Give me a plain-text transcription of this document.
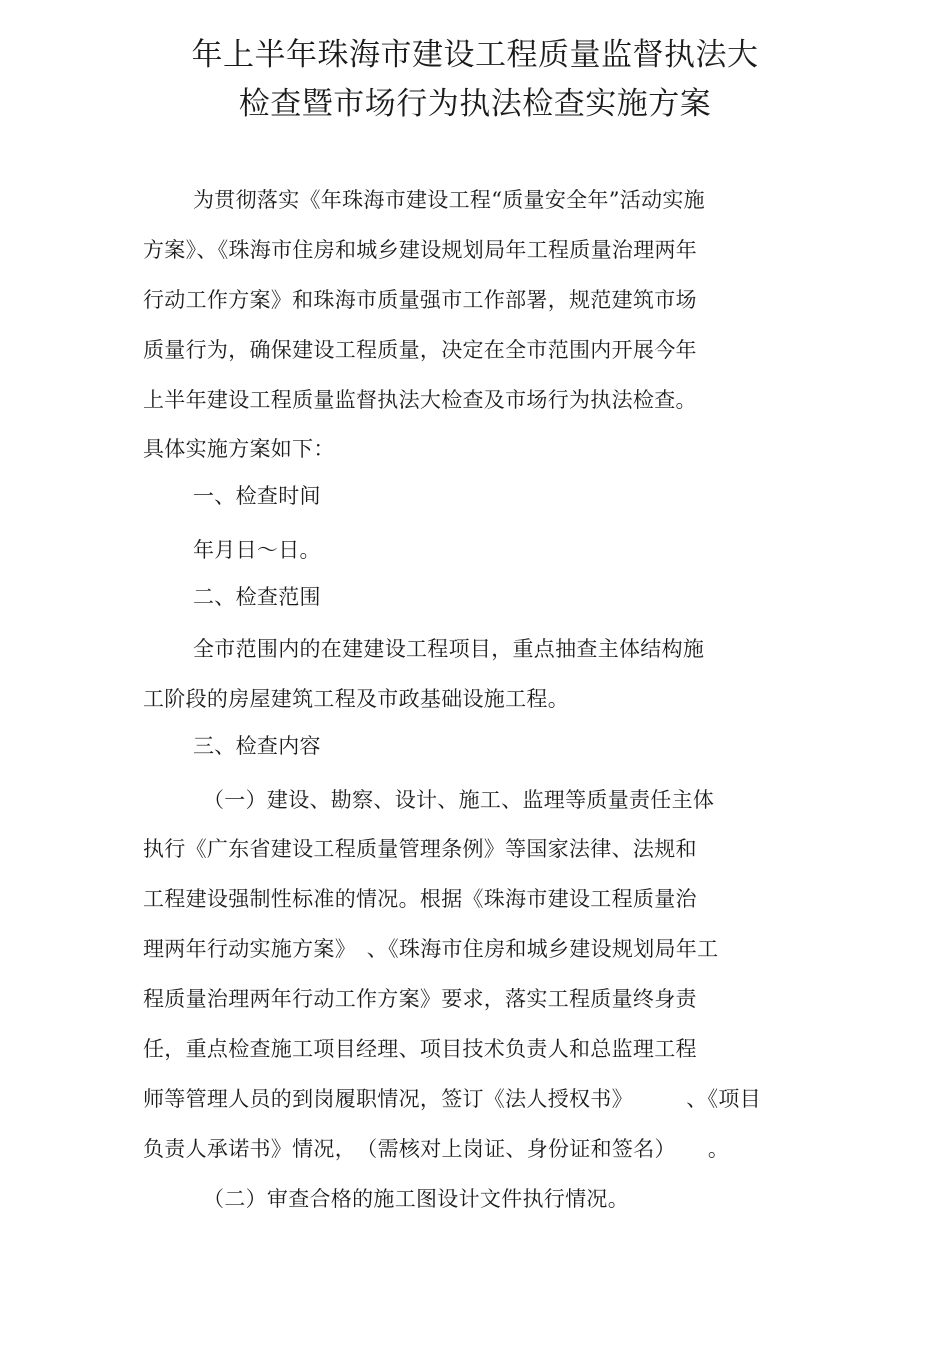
年上半年珠海市建设工程质量监督执法大
检查暨市场行为执法检查实施方案
为贯彻落实《年珠海市建设工程“质量安全年”活动实施
方案》、《珠海市住房和城乡建设规划局年工程质量治理两年
行动工作方案》和珠海市质量强市工作部署，规范建筑市场
质量行为，确保建设工程质量，决定在全市范围内开展今年
上半年建设工程质量监督执法大检查及市场行为执法检查。
具体实施方案如下：
一、检查时间
年月日～日。
二、检查范围
全市范围内的在建建设工程项目，重点抽查主体结构施
工阶段的房屋建筑工程及市政基础设施工程。
三、检查内容
（一）建设、勘察、设计、施工、监理等质量责任主体
执行《广东省建设工程质量管理条例》等国家法律、法规和
工程建设强制性标准的情况。根据《珠海市建设工程质量治
理两年行动实施方案》　、《珠海市住房和城乡建设规划局年工
程质量治理两年行动工作方案》要求，落实工程质量终身责
任，重点检查施工项目经理、项目技术负责人和总监理工程
师等管理人员的到岗履职情况，签订《法人授权书》　　　、《项目
负责人承诺书》情况，　（需核对上岗证、身份证和签名）　　。
（二）审查合格的施工图设计文件执行情况。
